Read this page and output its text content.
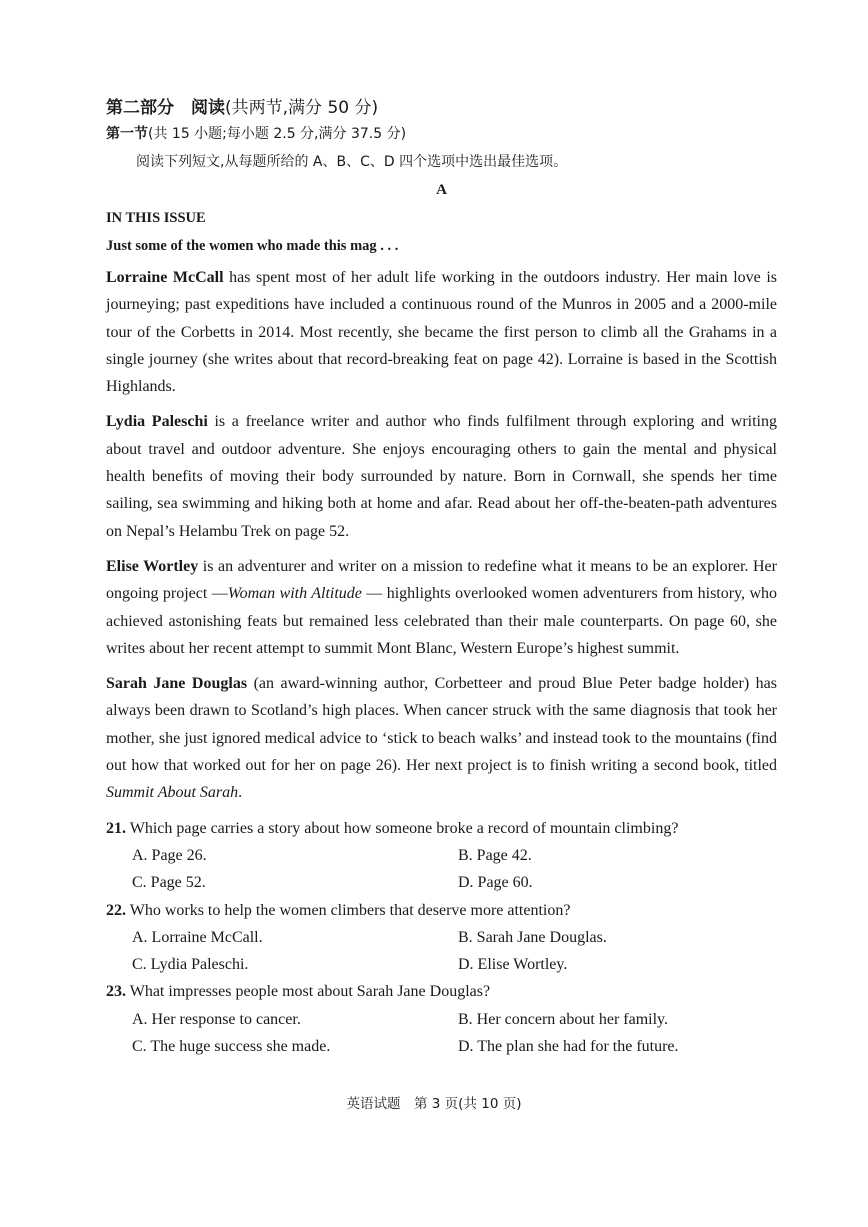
第二部分　阅读(共两节,满分 50 分)

第一节(共 15 小题;每小题 2.5 分,满分 37.5 分)

阅读下列短文,从每题所给的 A、B、C、D 四个选项中选出最佳选项。

A

IN THIS ISSUE

Just some of the women who made this mag . . .

Lorraine McCall has spent most of her adult life working in the outdoors industry. Her main love is journeying; past expeditions have included a continuous round of the Munros in 2005 and a 2000-mile tour of the Corbetts in 2014. Most recently, she became the first person to climb all the Grahams in a single journey (she writes about that record-breaking feat on page 42). Lorraine is based in the Scottish Highlands.

Lydia Paleschi is a freelance writer and author who finds fulfilment through exploring and writing about travel and outdoor adventure. She enjoys encouraging others to gain the mental and physical health benefits of moving their body surrounded by nature. Born in Cornwall, she spends her time sailing, sea swimming and hiking both at home and afar. Read about her off-the-beaten-path adventures on Nepal’s Helambu Trek on page 52.

Elise Wortley is an adventurer and writer on a mission to redefine what it means to be an explorer. Her ongoing project —Woman with Altitude — highlights overlooked women adventurers from history, who achieved astonishing feats but remained less celebrated than their male counterparts. On page 60, she writes about her recent attempt to summit Mont Blanc, Western Europe’s highest summit.

Sarah Jane Douglas (an award-winning author, Corbetteer and proud Blue Peter badge holder) has always been drawn to Scotland’s high places. When cancer struck with the same diagnosis that took her mother, she just ignored medical advice to ‘stick to beach walks’ and instead took to the mountains (find out how that worked out for her on page 26). Her next project is to finish writing a second book, titled Summit About Sarah.

21. Which page carries a story about how someone broke a record of mountain climbing?

A. Page 26.	B. Page 42.
C. Page 52.	D. Page 60.

22. Who works to help the women climbers that deserve more attention?

A. Lorraine McCall.	B. Sarah Jane Douglas.
C. Lydia Paleschi.	D. Elise Wortley.

23. What impresses people most about Sarah Jane Douglas?

A. Her response to cancer.	B. Her concern about her family.
C. The huge success she made.	D. The plan she had for the future.
英语试题　第 3 页(共 10 页)
